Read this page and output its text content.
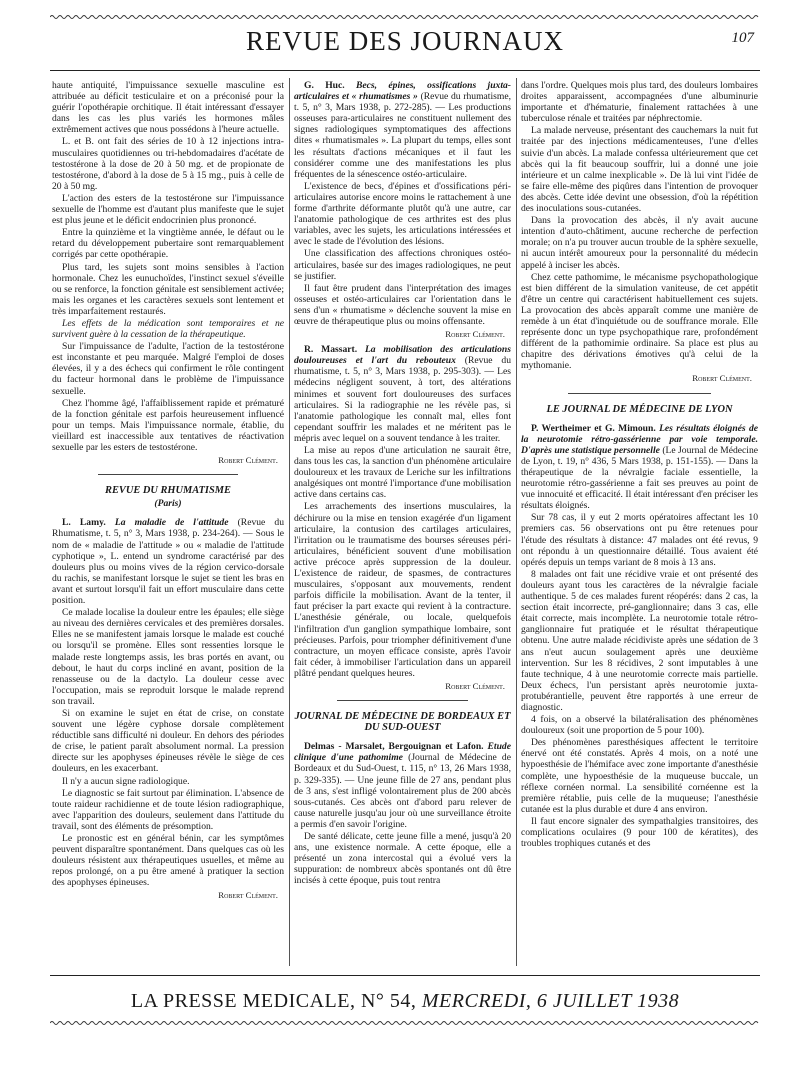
REVUE DES JOURNAUX	107

haute antiquité, l'impuissance sexuelle masculine est attribuée au déficit testiculaire et on a préconisé pour la guérir l'opothérapie orchitique. Il était intéressant d'essayer dans les cas les plus variés les hormones mâles extrêmement actives que nous possédons à l'heure actuelle.

L. et B. ont fait des séries de 10 à 12 injections intra-musculaires quotidiennes ou tri-hebdomadaires d'acétate de testostérone à la dose de 20 à 50 mg. et de propionate de testostérone, d'abord à la dose de 5 à 15 mg., puis à celle de 20 à 50 mg.

L'action des esters de la testostérone sur l'impuissance sexuelle de l'homme est d'autant plus manifeste que le sujet est plus jeune et le déficit endocrinien plus prononcé.

Entre la quinzième et la vingtième année, le défaut ou le retard du développement pubertaire sont remarquablement corrigés par cette opothérapie.

Plus tard, les sujets sont moins sensibles à l'action hormonale. Chez les eunuchoïdes, l'instinct sexuel s'éveille ou se renforce, la fonction génitale est sensiblement activée; mais les organes et les caractères sexuels sont lentement et très imparfaitement restaurés.

Les effets de la médication sont temporaires et ne survivent guère à la cessation de la thérapeutique.

Sur l'impuissance de l'adulte, l'action de la testostérone est inconstante et peu marquée. Malgré l'emploi de doses élevées, il y a des échecs qui confirment le rôle contingent du facteur hormonal dans le problème de l'impuissance sexuelle.

Chez l'homme âgé, l'affaiblissement rapide et prématuré de la fonction génitale est parfois heureusement influencé pour un temps. Mais l'impuissance normale, établie, du vieillard est inaccessible aux tentatives de réactivation sexuelle par les esters de testostérone.

Robert Clément.
REVUE DU RHUMATISME
(Paris)

L. Lamy. La maladie de l'attitude (Revue du Rhumatisme, t. 5, n° 3, Mars 1938, p. 234-264). — Sous le nom de « maladie de l'attitude » ou « maladie de l'attitude cyphotique », L. entend un syndrome caractérisé par des douleurs plus ou moins vives de la région cervico-dorsale du rachis, se manifestant lorsque le sujet se tient les bras en avant et surtout lorsqu'il fait un effort musculaire dans cette position.

Ce malade localise la douleur entre les épaules; elle siège au niveau des dernières cervicales et des premières dorsales. Elles ne se manifestent jamais lorsque le malade est couché ou lorsqu'il se promène. Elles sont ressenties lorsque le malade reste longtemps assis, les bras portés en avant, ou debout, le haut du corps incliné en avant, position de la renasseuse ou de la dactylo. La douleur cesse avec l'occupation, mais se reproduit lorsque le malade reprend son travail.

Si on examine le sujet en état de crise, on constate souvent une légère cyphose dorsale complètement réductible sans difficulté ni douleur. En dehors des périodes de crise, le patient paraît absolument normal. La pression directe sur les apophyses épineuses révèle le siège de ces douleurs, en les exacerbant.

Il n'y a aucun signe radiologique.

Le diagnostic se fait surtout par élimination. L'absence de toute raideur rachidienne et de toute lésion radiographique, avec l'apparition des douleurs, seulement dans l'attitude du travail, sont des éléments de présomption.

Le pronostic est en général bénin, car les symptômes peuvent disparaître spontanément. Dans quelques cas où les douleurs résistent aux thérapeutiques usuelles, et même au repos prolongé, on a pu être amené à pratiquer la section des apophyses épineuses.

Robert Clément.

G. Huc. Becs, épines, ossifications juxta-articulaires et « rhumatismes » (Revue du rhumatisme, t. 5, n° 3, Mars 1938, p. 272-285). — Les productions osseuses para-articulaires ne constituent nullement des signes radiologiques symptomatiques des affections dites « rhumatismales ». La plupart du temps, elles sont les résultats d'actions mécaniques et il faut les considérer comme une des manifestations les plus fréquentes de la sénescence ostéo-articulaire.

L'existence de becs, d'épines et d'ossifications péri-articulaires autorise encore moins le rattachement à une forme d'arthrite déformante plutôt qu'à une autre, car l'anatomie pathologique de ces arthrites est des plus variables, avec les sujets, les articulations intéressées et avec le stade de l'évolution des lésions.

Une classification des affections chroniques ostéo-articulaires, basée sur des images radiologiques, ne peut se justifier.

Il faut être prudent dans l'interprétation des images osseuses et ostéo-articulaires car l'orientation dans le sens d'un « rhumatisme » déclenche souvent la mise en œuvre de thérapeutique plus ou moins offensante.

Robert Clément.

R. Massart. La mobilisation des articulations douloureuses et l'art du rebouteux (Revue du rhumatisme, t. 5, n° 3, Mars 1938, p. 295-303). — Les médecins négligent souvent, à tort, des altérations minimes et souvent fort douloureuses des surfaces articulaires. Si la radiographie ne les révèle pas, si l'anatomie pathologique les connaît mal, elles font cependant souffrir les malades et ne méritent pas le mépris avec lequel on a souvent tendance à les traiter.

La mise au repos d'une articulation ne saurait être, dans tous les cas, la sanction d'un phénomène articulaire douloureux et les travaux de Leriche sur les infiltrations analgésiques ont montré l'importance d'une mobilisation active dans certains cas.

Les arrachements des insertions musculaires, la déchirure ou la mise en tension exagérée d'un ligament articulaire, la contusion des cartilages articulaires, l'irritation ou le traumatisme des bourses séreuses péri-articulaires, bénéficient souvent d'une mobilisation active précoce après suppression de la douleur. L'existence de raideur, de spasmes, de contractures musculaires, s'opposant aux mouvements, rendent parfois difficile la mobilisation. Avant de la tenter, il faut préciser la part exacte qui revient à la contracture. L'anesthésie générale, ou locale, quelquefois l'infiltration d'un ganglion sympathique lombaire, sont précieuses. Parfois, pour triompher définitivement d'une contracture, un moyen efficace consiste, après l'avoir fait céder, à immobiliser l'articulation dans un appareil plâtré pendant quelques heures.

Robert Clément.
JOURNAL DE MÉDECINE DE BORDEAUX ET DU SUD-OUEST

Delmas - Marsalet, Bergouignan et Lafon. Etude clinique d'une pathomime (Journal de Médecine de Bordeaux et du Sud-Ouest, t. 115, n° 13, 26 Mars 1938, p. 329-335). — Une jeune fille de 27 ans, pendant plus de 3 ans, s'est infligé volontairement plus de 200 abcès sous-cutanés. Ces abcès ont d'abord paru relever de cause naturelle jusqu'au jour où une surveillance étroite a permis d'en savoir l'origine.

De santé délicate, cette jeune fille a mené, jusqu'à 20 ans, une existence normale. A cette époque, elle a présenté un zona intercostal qui a évolué vers la suppuration: de nombreux abcès spontanés ont dû être incisés à cette époque, puis tout rentra

dans l'ordre. Quelques mois plus tard, des douleurs lombaires droites apparaissent, accompagnées d'une albuminurie importante et d'hématurie, finalement rattachées à une tuberculose rénale et traitées par néphrectomie.

La malade nerveuse, présentant des cauchemars la nuit fut traitée par des injections médicamenteuses, l'une d'elles suivie d'un abcès. La malade confessa ultérieurement que cet abcès qui la fit beaucoup souffrir, lui a donné une joie intérieure et un calme inexplicable ». De là lui vint l'idée de se faire elle-même des piqûres dans l'intention de provoquer des abcès. Cette idée devint une obsession, d'où la répétition des inoculations sous-cutanées.

Dans la provocation des abcès, il n'y avait aucune intention d'auto-châtiment, aucune recherche de perfection morale; on n'a pu trouver aucun trouble de la sphère sexuelle, ni aucun intérêt amoureux pour la personnalité du médecin appelé à inciser les abcès.

Chez cette pathomime, le mécanisme psychopathologique est bien différent de la simulation vaniteuse, de cet appétit d'être un centre qui caractérisent habituellement ces sujets. La provocation des abcès apparaît comme une manière de remède à un état d'inquiétude ou de souffrance morale. Elle représente donc un type psychopathique rare, profondément différent de la pathomimie ordinaire. Sa place est plus au chapitre des dérivations émotives qu'à celui de la mythomanie.

Robert Clément.
LE JOURNAL DE MÉDECINE DE LYON

P. Wertheimer et G. Mimoun. Les résultats éloignés de la neurotomie rétro-gassérienne par voie temporale. D'après une statistique personnelle (Le Journal de Médecine de Lyon, t. 19, n° 436, 5 Mars 1938, p. 151-155). — Dans la thérapeutique de la névralgie faciale essentielle, la neurotomie rétro-gassérienne a fait ses preuves au point de vue innocuité et efficacité. Il était intéressant d'en préciser les résultats éloignés.

Sur 78 cas, il y eut 2 morts opératoires affectant les 10 premiers cas. 56 observations ont pu être retenues pour l'étude des résultats à distance: 47 malades ont été revus, 9 ont répondu à un questionnaire détaillé. Tous avaient été opérés depuis un temps variant de 8 mois à 13 ans.

8 malades ont fait une récidive vraie et ont présenté des douleurs ayant tous les caractères de la névralgie faciale authentique. 5 de ces malades furent réopérés: dans 2 cas, la section était incorrecte, pré-ganglionnaire; dans 3 cas, elle était correcte, mais incomplète. La neurotomie totale rétro-ganglionnaire fut pratiquée et le résultat thérapeutique obtenu. Une autre malade récidiviste après une sédation de 3 ans n'eut aucun soulagement après une deuxième intervention. Sur les 8 récidives, 2 sont imputables à une faute technique, 4 à une neurotomie correcte mais partielle. Deux échecs, l'un persistant après neurotomie juxta-protubérantielle, peuvent être rapportés à une erreur de diagnostic.

4 fois, on a observé la bilatéralisation des phénomènes douloureux (soit une proportion de 5 pour 100).

Des phénomènes paresthésiques affectent le territoire énervé ont été constatés. Après 4 mois, on a noté une hypoesthésie de l'hémiface avec zone importante d'anesthésie complète, une hypoesthésie de la muqueuse buccale, un réflexe cornéen normal. La sensibilité cornéenne est la première rétablie, puis celle de la muqueuse; l'anesthésie cutanée est la plus durable et dure 4 ans environ.

Il faut encore signaler des sympathalgies transitoires, des complications oculaires (9 pour 100 de kératites), des troubles trophiques cutanés et des

LA PRESSE MEDICALE, N° 54, MERCREDI, 6 JUILLET 1938
